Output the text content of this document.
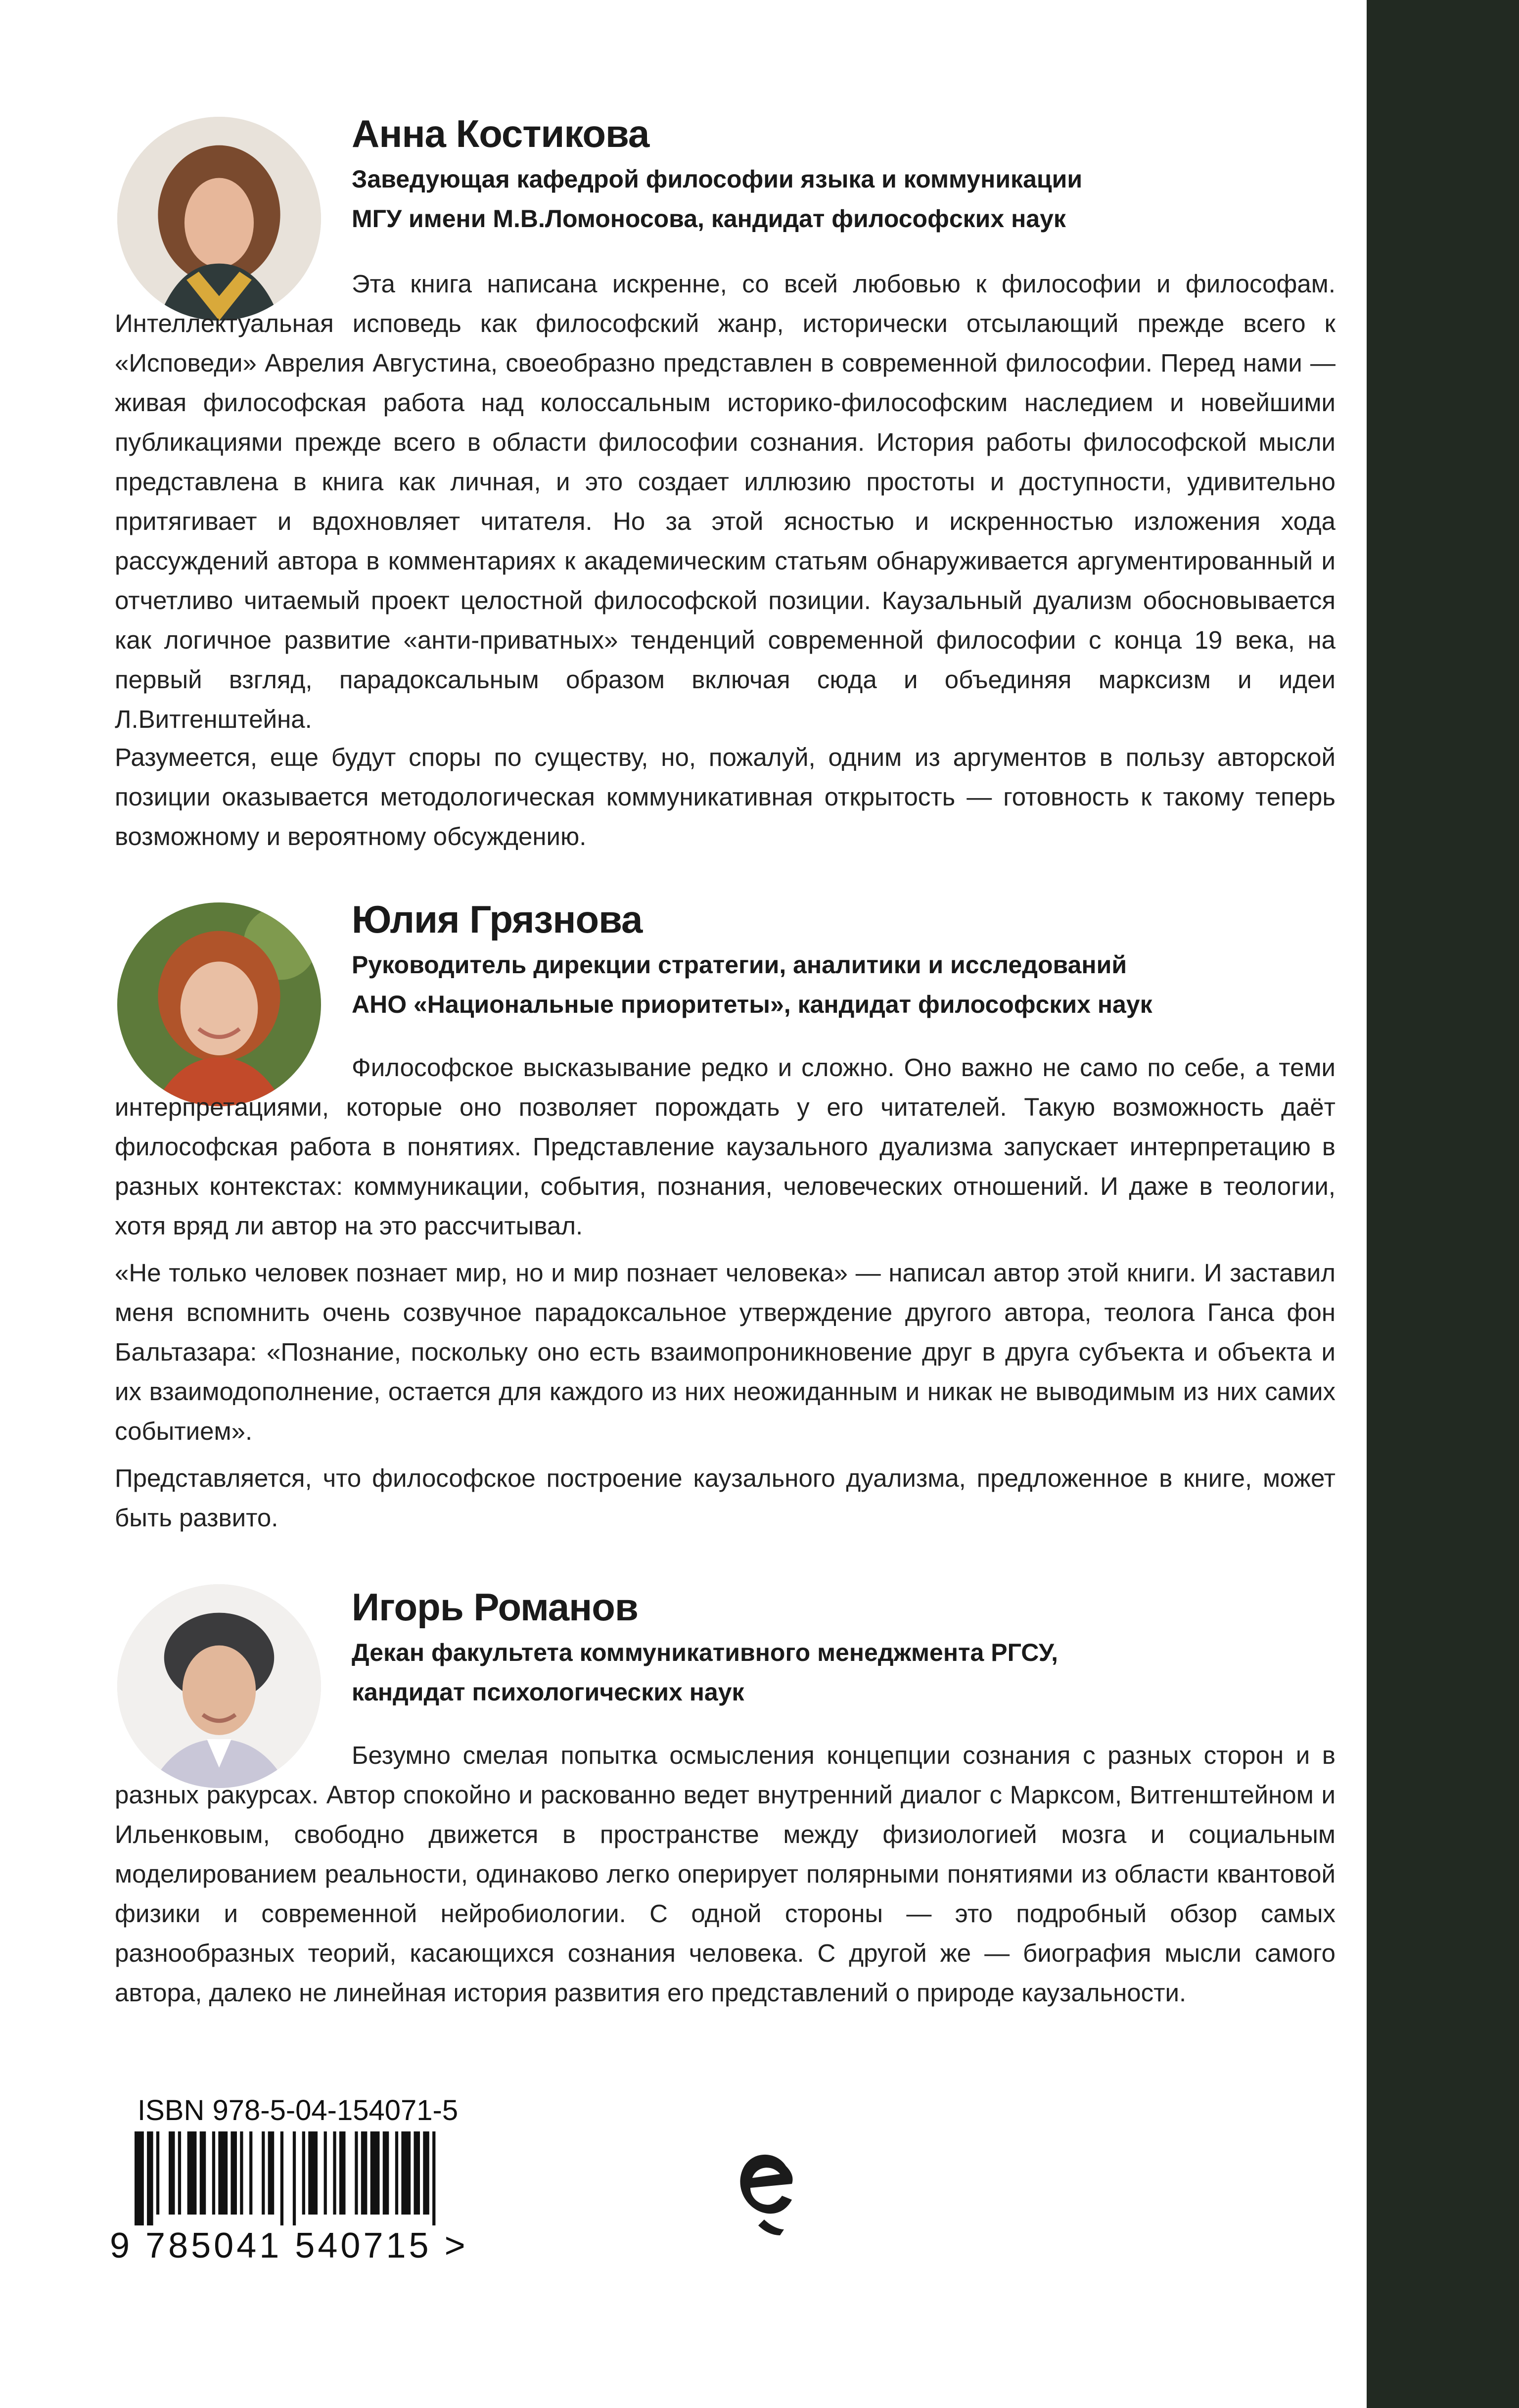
Анна Костикова
Заведующая кафедрой философии языка и коммуникации
МГУ имени М.В.Ломоносова, кандидат философских наук

Эта книга написана искренне, со всей любовью к философии и философам. Интеллектуальная исповедь как философский жанр, исторически отсылающий прежде всего к «Исповеди» Аврелия Августина, своеобразно представлен в современной философии. Перед нами — живая философская работа над колоссальным историко-философским наследием и новейшими публикациями прежде всего в области философии сознания. История работы философской мысли представлена в книга как личная, и это создает иллюзию простоты и доступности, удивительно притягивает и вдохновляет читателя. Но за этой ясностью и искренностью изложения хода рассуждений автора в комментариях к академическим статьям обнаруживается аргументированный и отчетливо читаемый проект целостной философской позиции. Каузальный дуализм обосновывается как логичное развитие «анти-приватных» тенденций современной философии с конца 19 века, на первый взгляд, парадоксальным образом включая сюда и объединяя марксизм и идеи Л.Витгенштейна.

Разумеется, еще будут споры по существу, но, пожалуй, одним из аргументов в пользу авторской позиции оказывается методологическая коммуникативная открытость — готовность к такому теперь возможному и вероятному обсуждению.

Юлия Грязнова
Руководитель дирекции стратегии, аналитики и исследований
АНО «Национальные приоритеты», кандидат философских наук

Философское высказывание редко и сложно. Оно важно не само по себе, а теми интерпретациями, которые оно позволяет порождать у его читателей. Такую возможность даёт философская работа в понятиях. Представление каузального дуализма запускает интерпретацию в разных контекстах: коммуникации, события, познания, человеческих отношений. И даже в теологии, хотя вряд ли автор на это рассчитывал.

«Не только человек познает мир, но и мир познает человека» — написал автор этой книги. И заставил меня вспомнить очень созвучное парадоксальное утверждение другого автора, теолога Ганса фон Бальтазара: «Познание, поскольку оно есть взаимопроникновение друг в друга субъекта и объекта и их взаимодополнение, остается для каждого из них неожиданным и никак не выводимым из них самих событием».

Представляется, что философское построение каузального дуализма, предложенное в книге, может быть развито.

Игорь Романов
Декан факультета коммуникативного менеджмента РГСУ,
кандидат психологических наук

Безумно смелая попытка осмысления концепции сознания с разных сторон и в разных ракурсах. Автор спокойно и раскованно ведет внутренний диалог с Марксом, Витгенштейном и Ильенковым, свободно движется в пространстве между физиологией мозга и социальным моделированием реальности, одинаково легко оперирует полярными понятиями из области квантовой физики и современной нейробиологии. С одной стороны — это подробный обзор самых разнообразных теорий, касающихся сознания человека. С другой же — биография мысли самого автора, далеко не линейная история развития его представлений о природе каузальности.

ISBN 978-5-04-154071-5
9 785041 540715 >
